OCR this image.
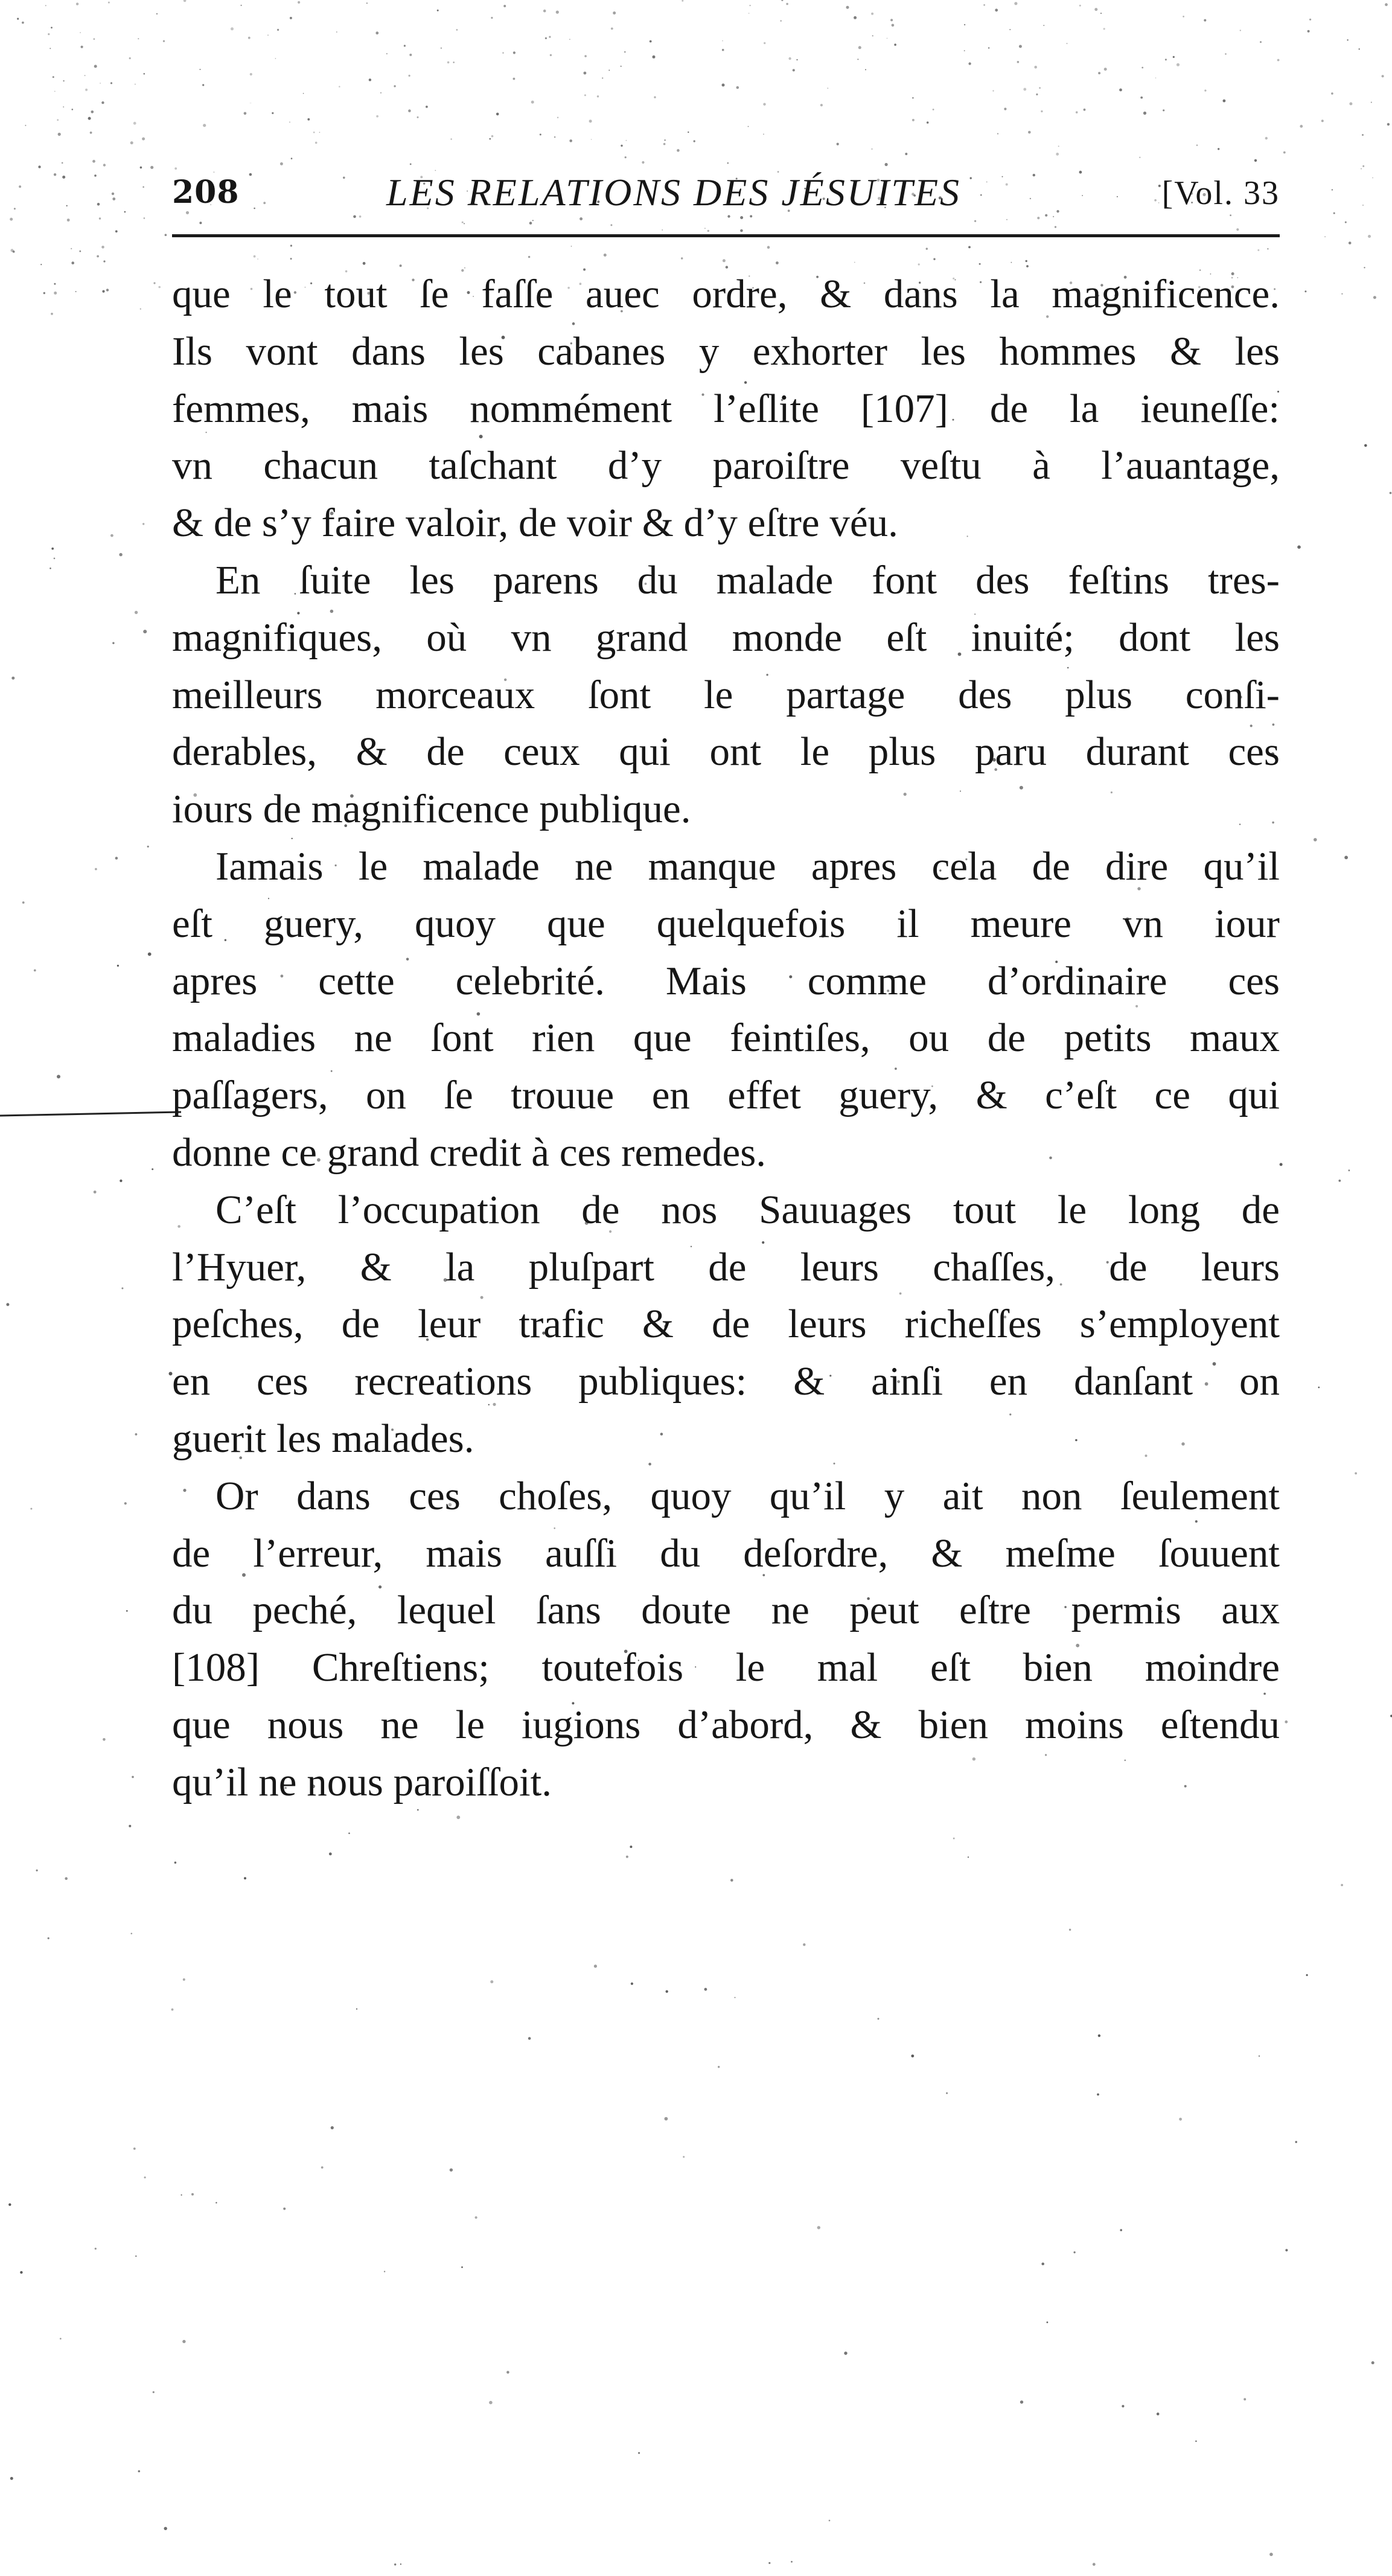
208	LES RELATIONS DES JÉSUITES	[Vol. 33
que le tout ſe faſſe auec ordre, & dans la magnificence.
Ils vont dans les cabanes y exhorter les hommes & les
femmes, mais nommément l’eſlite [107] de la ieuneſſe:
vn chacun taſchant d’y paroiſtre veſtu à l’auantage,
& de s’y faire valoir, de voir & d’y eſtre véu.
En ſuite les parens du malade font des feſtins tres-
magnifiques, où vn grand monde eſt inuité; dont les
meilleurs morceaux ſont le partage des plus conſi-
derables, & de ceux qui ont le plus paru durant ces
iours de magnificence publique.
Iamais le malade ne manque apres cela de dire qu’il
eſt guery, quoy que quelquefois il meure vn iour
apres cette celebrité. Mais comme d’ordinaire ces
maladies ne ſont rien que feintiſes, ou de petits maux
paſſagers, on ſe trouue en effet guery, & c’eſt ce qui
donne ce grand credit à ces remedes.
C’eſt l’occupation de nos Sauuages tout le long de
l’Hyuer, & la pluſpart de leurs chaſſes, de leurs
peſches, de leur trafic & de leurs richeſſes s’employent
en ces recreations publiques: & ainſi en danſant on
guerit les malades.
Or dans ces choſes, quoy qu’il y ait non ſeulement
de l’erreur, mais auſſi du deſordre, & meſme ſouuent
du peché, lequel ſans doute ne peut eſtre permis aux
[108] Chreſtiens; toutefois le mal eſt bien moindre
que nous ne le iugions d’abord, & bien moins eſtendu
qu’il ne nous paroiſſoit.
